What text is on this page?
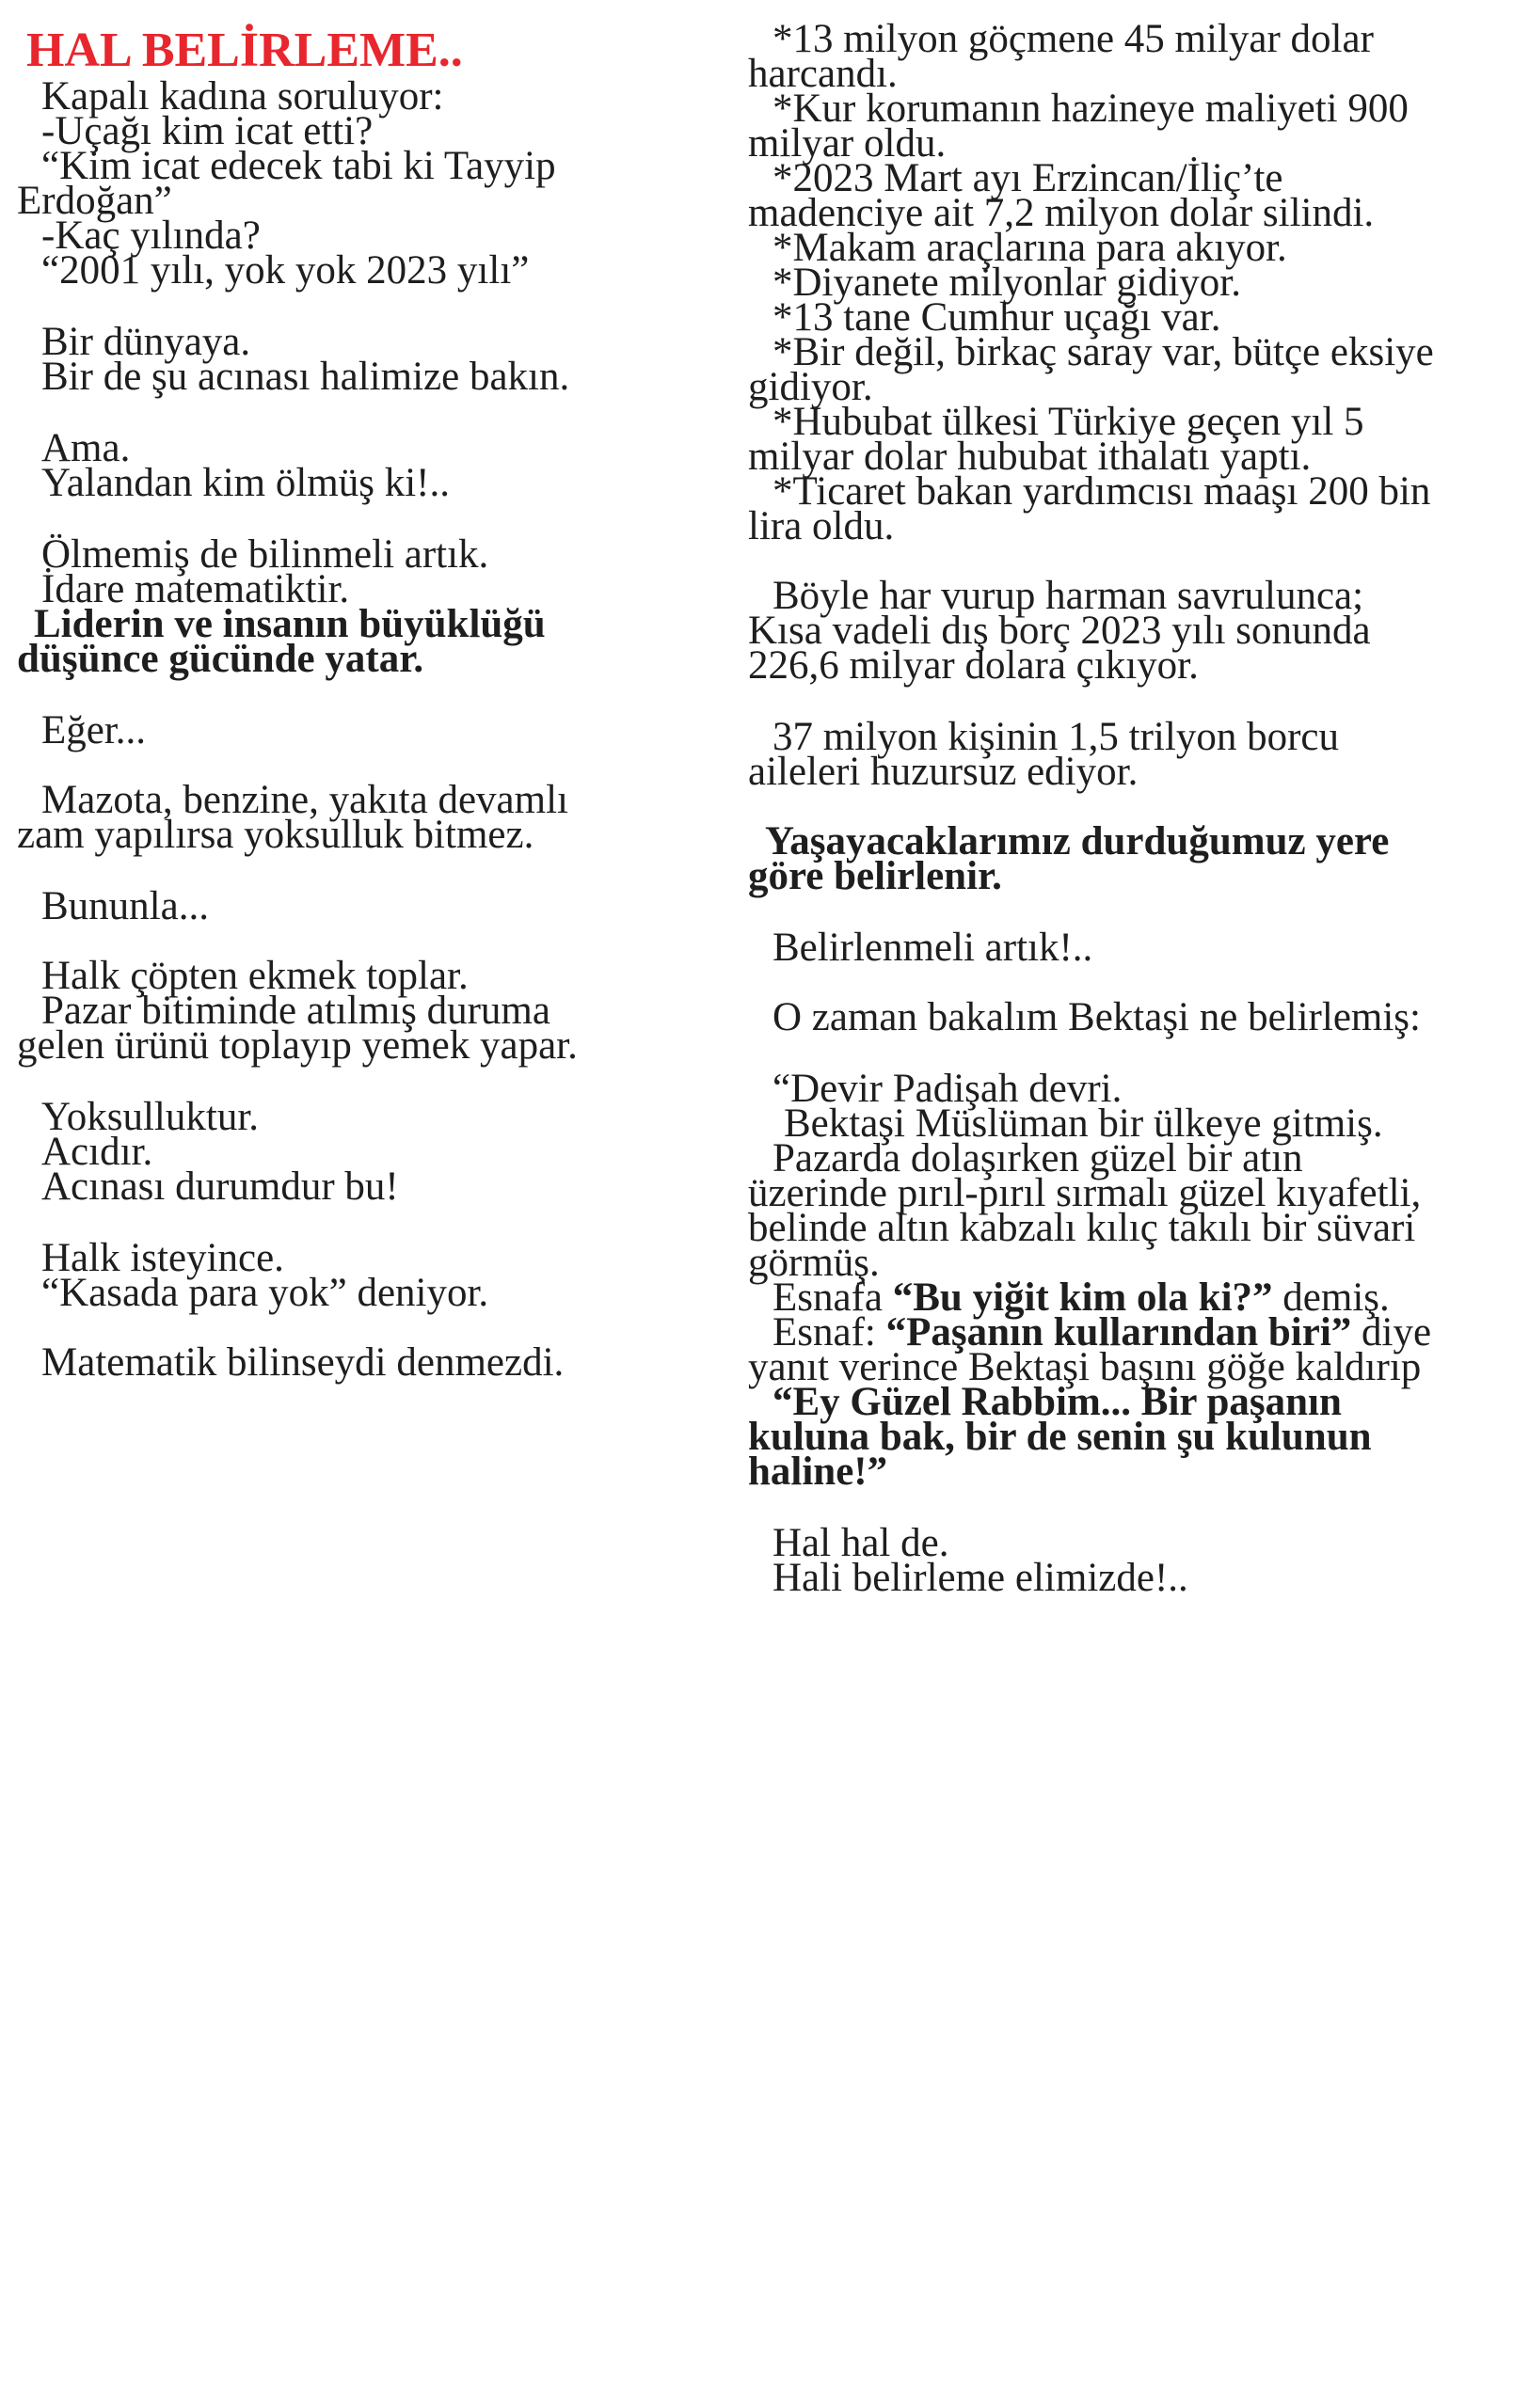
HAL BELİRLEME..
Kapalı kadına soruluyor:
-Uçağı kim icat etti?
“Kim icat edecek tabi ki Tayyip
Erdoğan”
-Kaç yılında?
“2001 yılı, yok yok 2023 yılı”
Bir dünyaya.
Bir de şu acınası halimize bakın.
Ama.
Yalandan kim ölmüş ki!..
Ölmemiş de bilinmeli artık.
İdare matematiktir.
Liderin ve insanın büyüklüğü
düşünce gücünde yatar.
Eğer...
Mazota, benzine, yakıta devamlı
zam yapılırsa yoksulluk bitmez.
Bununla...
Halk çöpten ekmek toplar.
Pazar bitiminde atılmış duruma
gelen ürünü toplayıp yemek yapar.
Yoksulluktur.
Acıdır.
Acınası durumdur bu!
Halk isteyince.
“Kasada para yok” deniyor.
Matematik bilinseydi denmezdi.
*13 milyon göçmene 45 milyar dolar
harcandı.
*Kur korumanın hazineye maliyeti 900
milyar oldu.
*2023 Mart ayı Erzincan/İliç’te
madenciye ait 7,2 milyon dolar silindi.
*Makam araçlarına para akıyor.
*Diyanete milyonlar gidiyor.
*13 tane Cumhur uçağı var.
*Bir değil, birkaç saray var, bütçe eksiye
gidiyor.
*Hububat ülkesi Türkiye geçen yıl 5
milyar dolar hububat ithalatı yaptı.
*Ticaret bakan yardımcısı maaşı 200 bin
lira oldu.
Böyle har vurup harman savrulunca;
Kısa vadeli dış borç 2023 yılı sonunda
226,6 milyar dolara çıkıyor.
37 milyon kişinin 1,5 trilyon borcu
aileleri huzursuz ediyor.
Yaşayacaklarımız durduğumuz yere
göre belirlenir.
Belirlenmeli artık!..
O zaman bakalım Bektaşi ne belirlemiş:
“Devir Padişah devri.
Bektaşi Müslüman bir ülkeye gitmiş.
Pazarda dolaşırken güzel bir atın
üzerinde pırıl-pırıl sırmalı güzel kıyafetli,
belinde altın kabzalı kılıç takılı bir süvari
görmüş.
Esnafa “Bu yiğit kim ola ki?” demiş.
Esnaf: “Paşanın kullarından biri” diye
yanıt verince Bektaşi başını göğe kaldırıp
“Ey Güzel Rabbim... Bir paşanın
kuluna bak, bir de senin şu kulunun
haline!”
Hal hal de.
Hali belirleme elimizde!..
